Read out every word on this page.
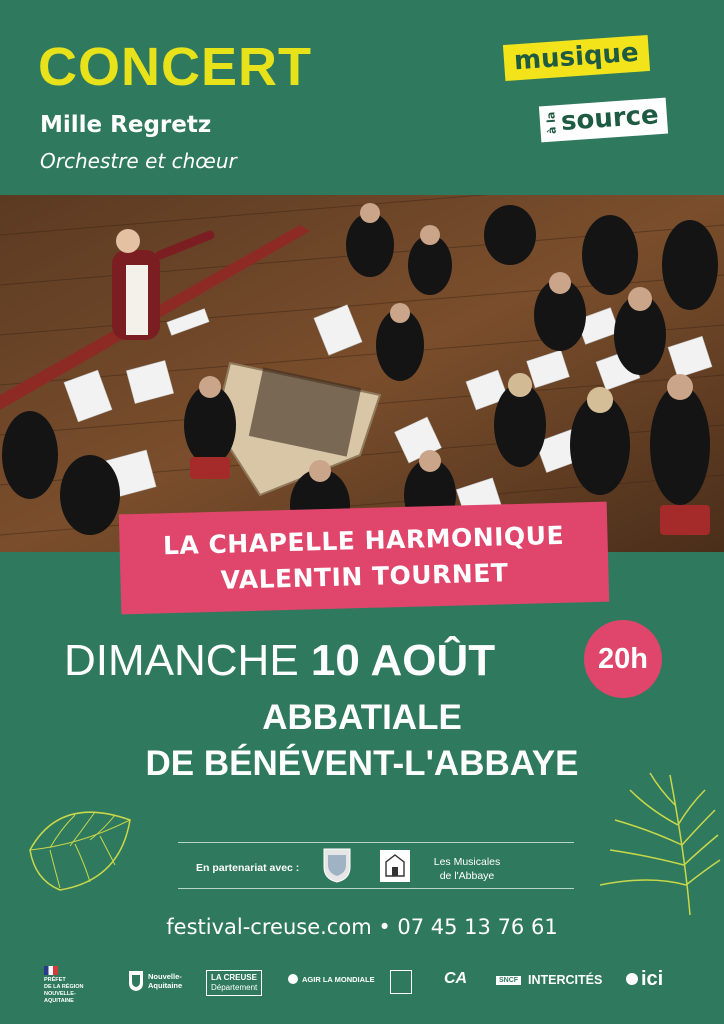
CONCERT
Mille Regretz
Orchestre et chœur
musique
à la source
LA CHAPELLE HARMONIQUE
VALENTIN TOURNET
DIMANCHE 10 AOÛT	20h
ABBATIALE
DE BÉNÉVENT-L'ABBAYE
En partenariat avec :	Les Musicales
de l'Abbaye
festival-creuse.com • 07 45 13 76 61
PRÉFET
DE LA RÉGION
NOUVELLE-AQUITAINE
Nouvelle-Aquitaine
LA CREUSE
Département
AGIR LA MONDIALE	CA	SNCF INTERCITÉS ici
